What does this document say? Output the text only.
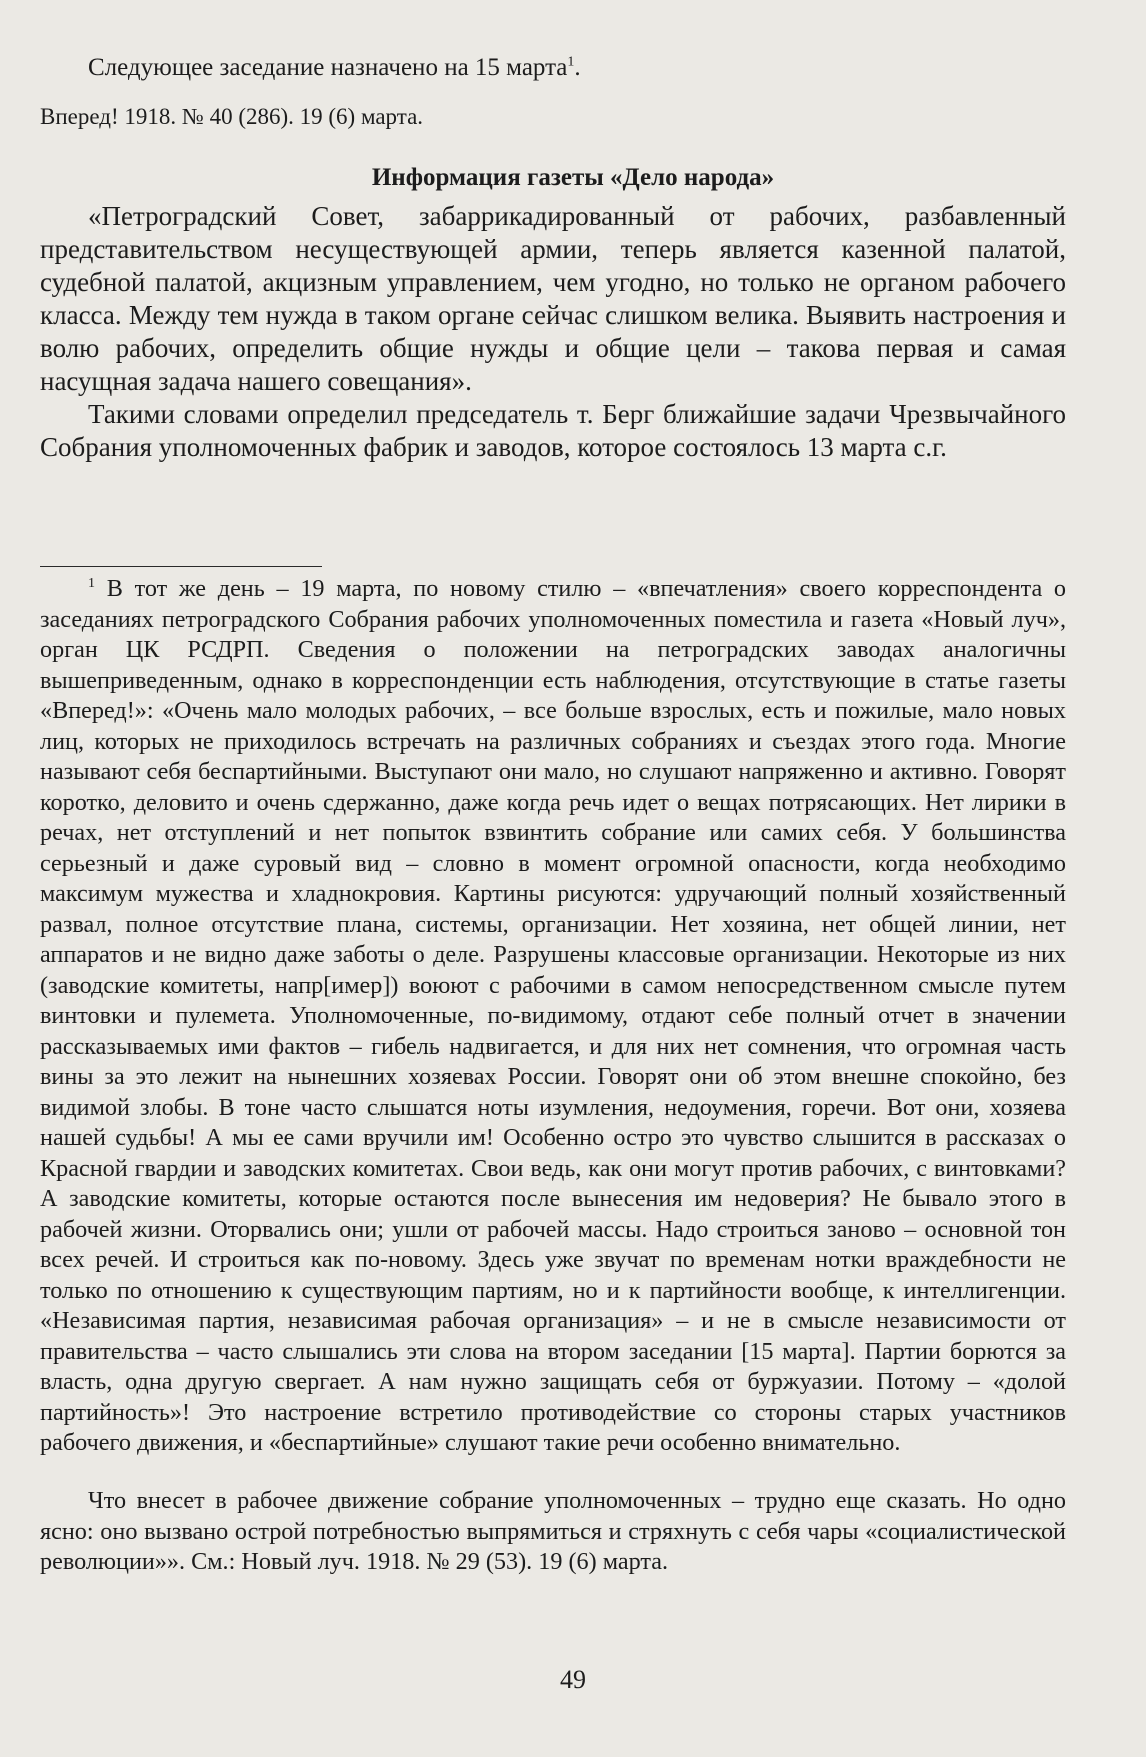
Следующее заседание назначено на 15 марта$^1$.

Вперед! 1918. № 40 (286). 19 (6) марта.

Информация газеты «Дело народа»

«Петроградский Совет, забаррикадированный от рабочих, разбавленный представительством несуществующей армии, теперь является казенной палатой, судебной палатой, акцизным управлением, чем угодно, но только не органом рабочего класса. Между тем нужда в таком органе сейчас слишком велика. Выявить настроения и волю рабочих, определить общие нужды и общие цели – такова первая и самая насущная задача нашего совещания».

Такими словами определил председатель т. Берг ближайшие задачи Чрезвычайного Собрания уполномоченных фабрик и заводов, которое состоялось 13 марта с.г.

$^1$ В тот же день – 19 марта, по новому стилю – «впечатления» своего корреспондента о заседаниях петроградского Собрания рабочих уполномоченных поместила и газета «Новый луч», орган ЦК РСДРП. Сведения о положении на петроградских заводах аналогичны вышеприведенным, однако в корреспонденции есть наблюдения, отсутствующие в статье газеты «Вперед!»: «Очень мало молодых рабочих, – все больше взрослых, есть и пожилые, мало новых лиц, которых не приходилось встречать на различных собраниях и съездах этого года. Многие называют себя беспартийными. Выступают они мало, но слушают напряженно и активно. Говорят коротко, деловито и очень сдержанно, даже когда речь идет о вещах потрясающих. Нет лирики в речах, нет отступлений и нет попыток взвинтить собрание или самих себя. У большинства серьезный и даже суровый вид – словно в момент огромной опасности, когда необходимо максимум мужества и хладнокровия. Картины рисуются: удручающий полный хозяйственный развал, полное отсутствие плана, системы, организации. Нет хозяина, нет общей линии, нет аппаратов и не видно даже заботы о деле. Разрушены классовые организации. Некоторые из них (заводские комитеты, напр[имер]) воюют с рабочими в самом непосредственном смысле путем винтовки и пулемета. Уполномоченные, по-видимому, отдают себе полный отчет в значении рассказываемых ими фактов – гибель надвигается, и для них нет сомнения, что огромная часть вины за это лежит на нынешних хозяевах России. Говорят они об этом внешне спокойно, без видимой злобы. В тоне часто слышатся ноты изумления, недоумения, горечи. Вот они, хозяева нашей судьбы! А мы ее сами вручили им! Особенно остро это чувство слышится в рассказах о Красной гвардии и заводских комитетах. Свои ведь, как они могут против рабочих, с винтовками? А заводские комитеты, которые остаются после вынесения им недоверия? Не бывало этого в рабочей жизни. Оторвались они; ушли от рабочей массы. Надо строиться заново – основной тон всех речей. И строиться как по-новому. Здесь уже звучат по временам нотки враждебности не только по отношению к существующим партиям, но и к партийности вообще, к интеллигенции. «Независимая партия, независимая рабочая организация» – и не в смысле независимости от правительства – часто слышались эти слова на втором заседании [15 марта]. Партии борются за власть, одна другую свергает. А нам нужно защищать себя от буржуазии. Потому – «долой партийность»! Это настроение встретило противодействие со стороны старых участников рабочего движения, и «беспартийные» слушают такие речи особенно внимательно.

Что внесет в рабочее движение собрание уполномоченных – трудно еще сказать. Но одно ясно: оно вызвано острой потребностью выпрямиться и стряхнуть с себя чары «социалистической революции»». См.: Новый луч. 1918. № 29 (53). 19 (6) марта.

49
